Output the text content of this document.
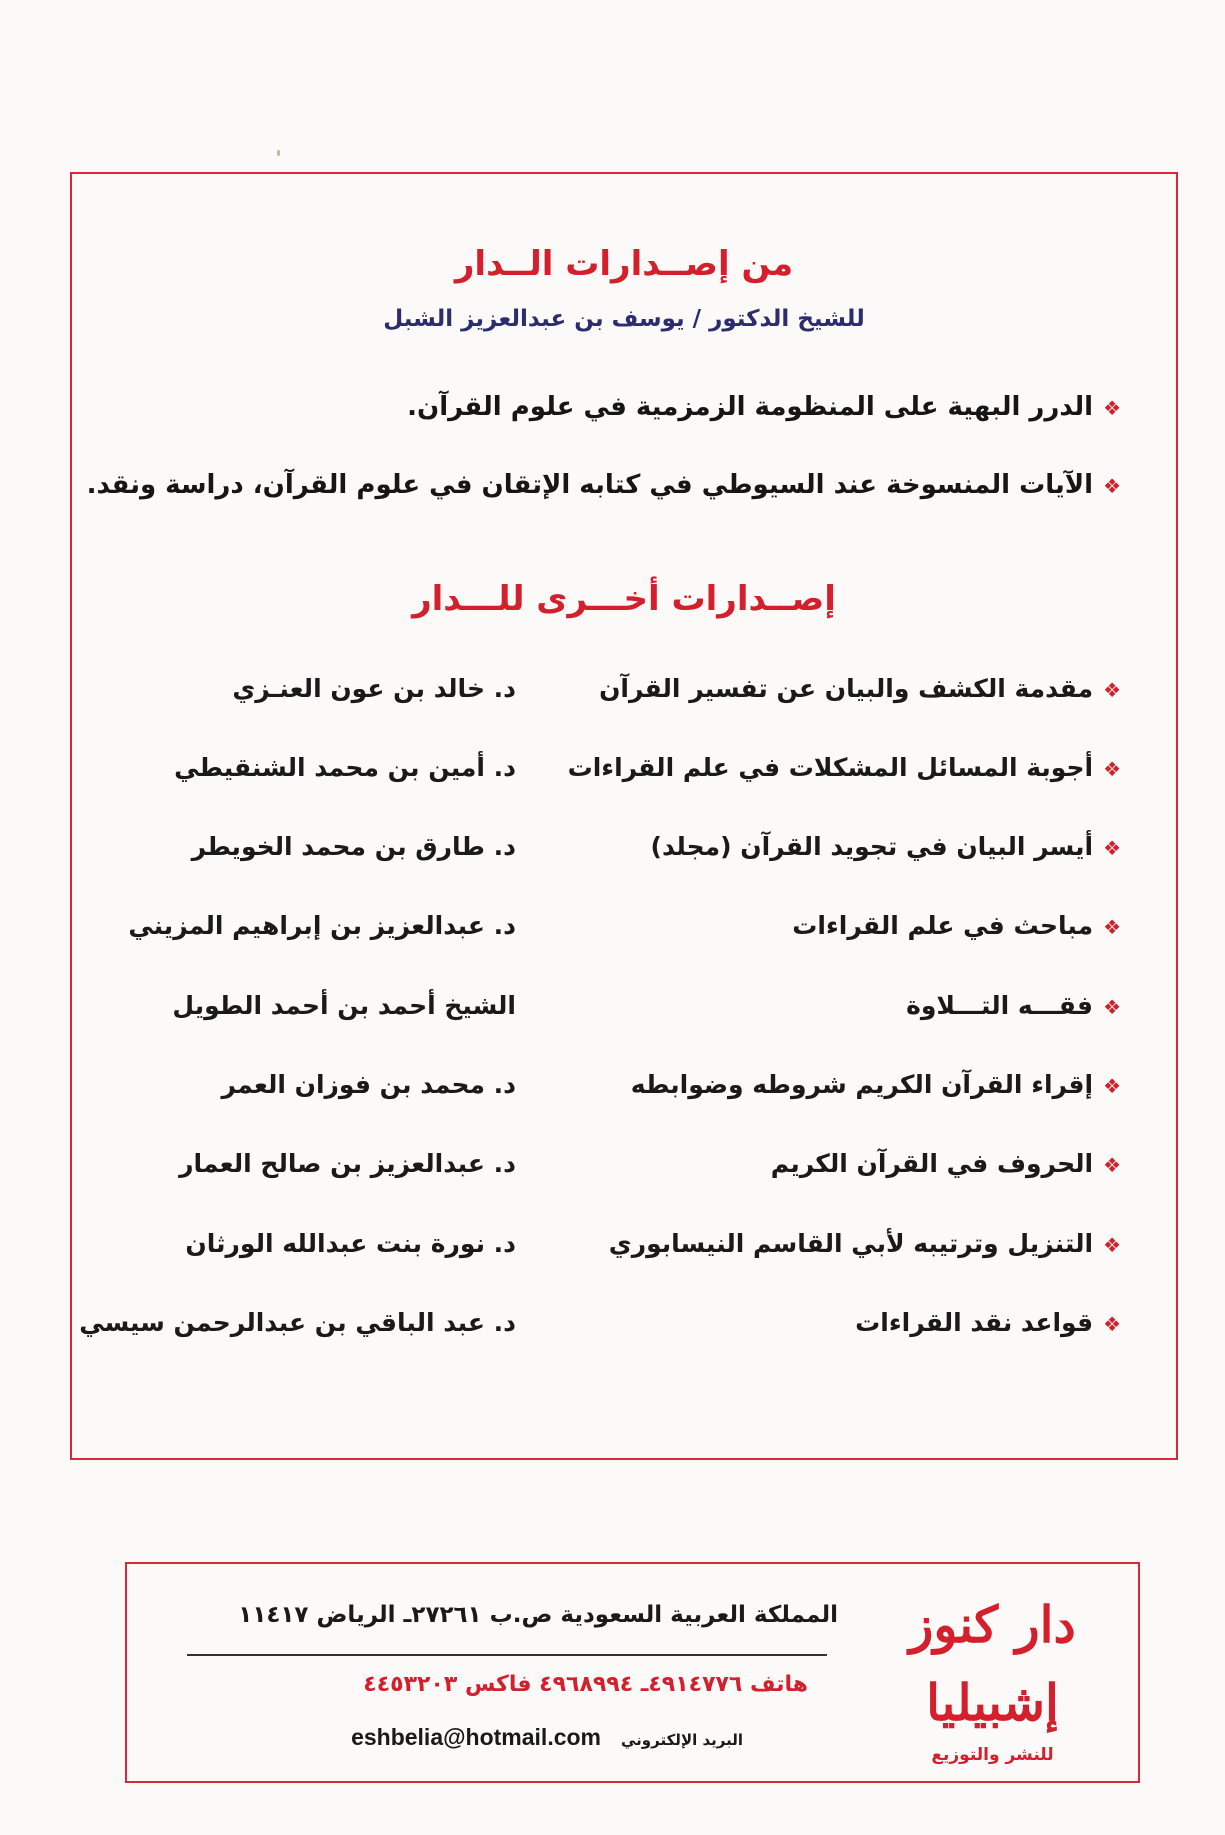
من إصــدارات الــدار
للشيخ الدكتور / يوسف بن عبدالعزيز الشبل
❖الدرر البهية على المنظومة الزمزمية في علوم القرآن.
❖الآيات المنسوخة عند السيوطي في كتابه الإتقان في علوم القرآن، دراسة ونقد.
إصــدارات أخـــرى للـــدار
❖مقدمة الكشف والبيان عن تفسير القرآن
د. خالد بن عون العنـزي
❖أجوبة المسائل المشكلات في علم القراءات
د. أمين بن محمد الشنقيطي
❖أيسر البيان في تجويد القرآن (مجلد)
د. طارق بن محمد الخويطر
❖مباحث في علم القراءات
د. عبدالعزيز بن إبراهيم المزيني
❖فقـــه التـــلاوة
الشيخ أحمد بن أحمد الطويل
❖إقراء القرآن الكريم شروطه وضوابطه
د. محمد بن فوزان العمر
❖الحروف في القرآن الكريم
د. عبدالعزيز بن صالح العمار
❖التنزيل وترتيبه لأبي القاسم النيسابوري
د. نورة بنت عبدالله الورثان
❖قواعد نقد القراءات
د. عبد الباقي بن عبدالرحمن سيسي
دار كنوز إشبيليا
للنشر والتوزيع
المملكة العربية السعودية ص.ب ٢٧٢٦١ـ الرياض ١١٤١٧
هاتف ٤٩١٤٧٧٦ـ ٤٩٦٨٩٩٤ فاكس ٤٤٥٣٢٠٣
البريد الإلكترونيeshbelia@hotmail.com
